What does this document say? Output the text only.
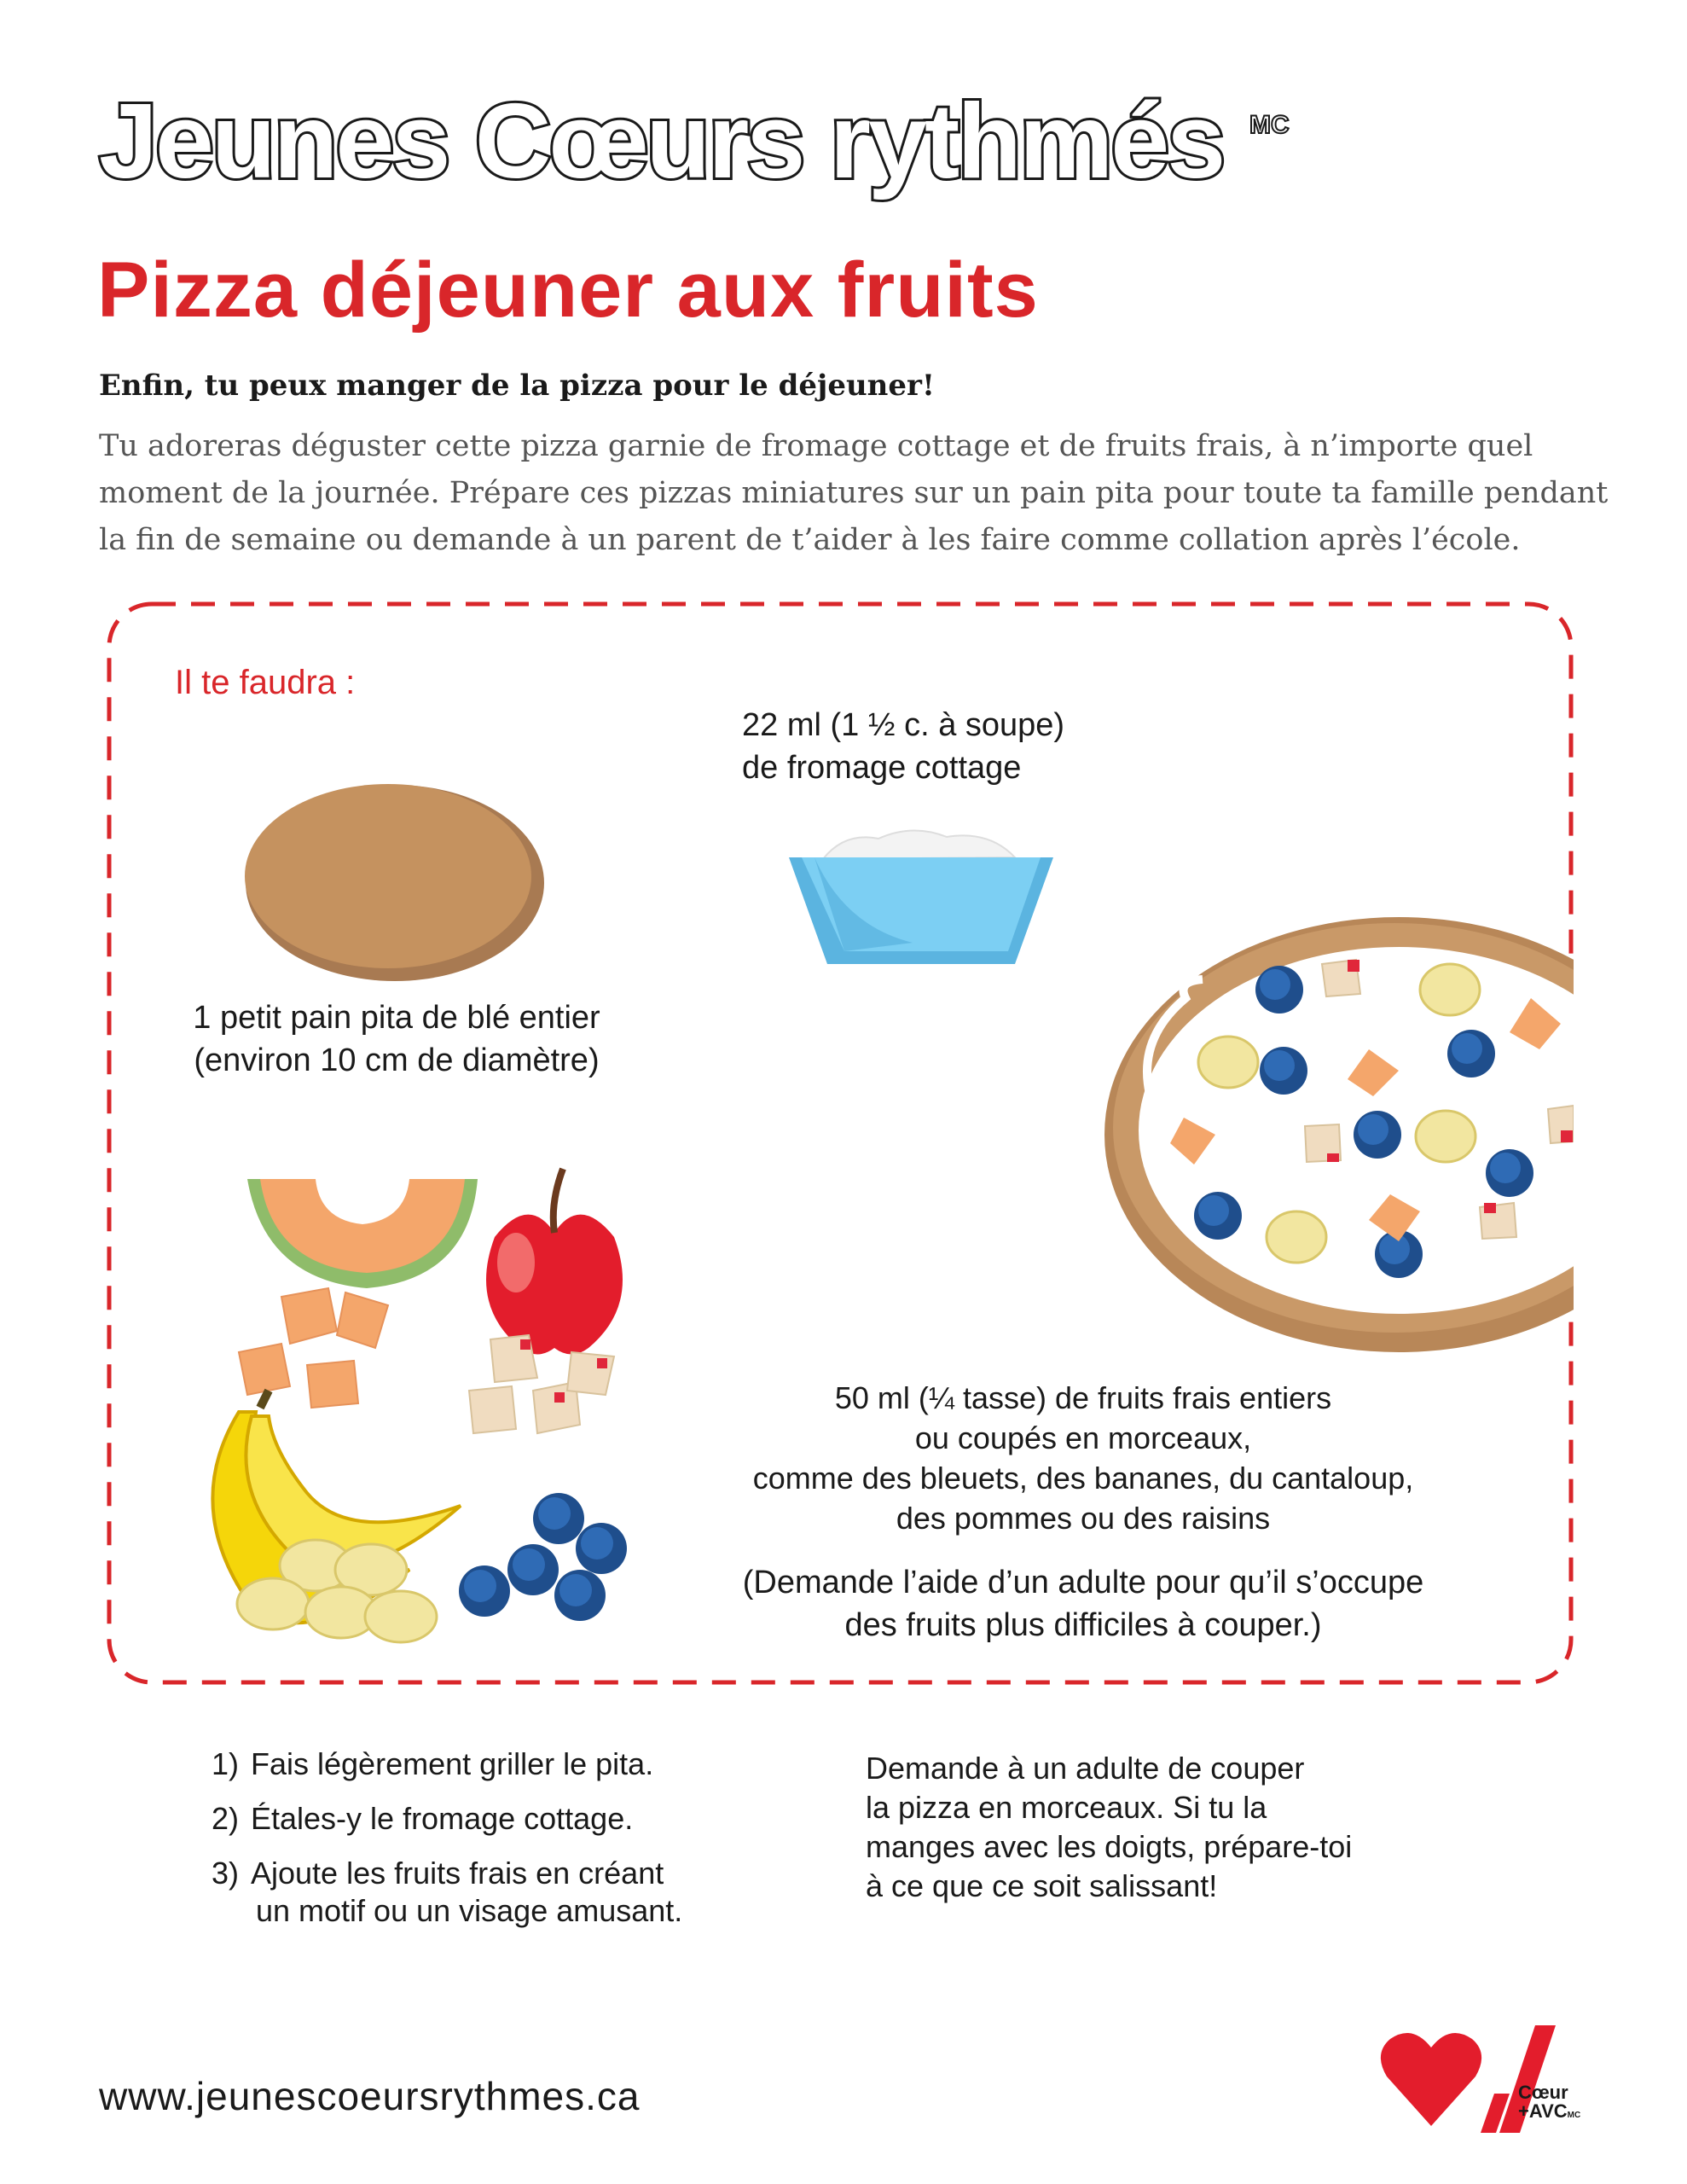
Jeunes Cœurs rythmés MC
Pizza déjeuner aux fruits
Enfin, tu peux manger de la pizza pour le déjeuner!
Tu adoreras déguster cette pizza garnie de fromage cottage et de fruits frais, à n’importe quel moment de la journée. Prépare ces pizzas miniatures sur un pain pita pour toute ta famille pendant la fin de semaine ou demande à un parent de t’aider à les faire comme collation après l’école.
Il te faudra :
22 ml (1 ½ c. à soupe)
de fromage cottage
1 petit pain pita de blé entier
(environ 10 cm de diamètre)
50 ml (¼ tasse) de fruits frais entiers
ou coupés en morceaux,
comme des bleuets, des bananes, du cantaloup,
des pommes ou des raisins
(Demande l’aide d’un adulte pour qu’il s’occupe
des fruits plus difficiles à couper.)
1) Fais légèrement griller le pita.
2) Étales-y le fromage cottage.
3) Ajoute les fruits frais en créant
un motif ou un visage amusant.
Demande à un adulte de couper
la pizza en morceaux. Si tu la
manges avec les doigts, prépare-toi
à ce que ce soit salissant!
www.jeunescoeursrythmes.ca	Cœur
+AVCMC
